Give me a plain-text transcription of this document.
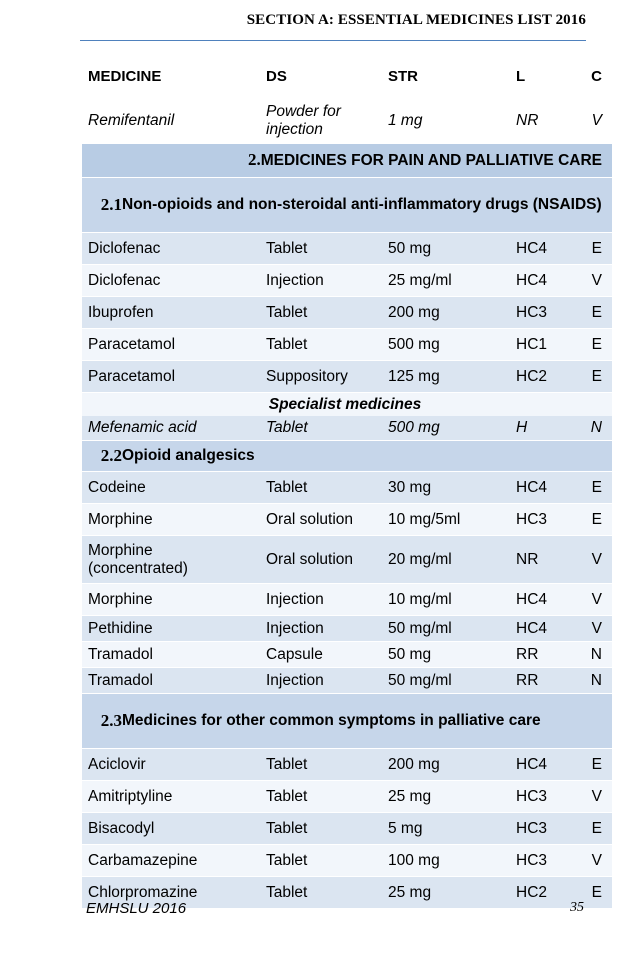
SECTION A: ESSENTIAL MEDICINES LIST 2016
MEDICINE	DS	STR	L	C
Remifentanil	Powder for injection	1 mg	NR	V
2.MEDICINES FOR PAIN AND PALLIATIVE CARE				

2.1 Non-opioids and non-steroidal anti-inflammatory drugs (NSAIDS)				

Diclofenac	Tablet	50 mg	HC4	E
Diclofenac	Injection	25 mg/ml	HC4	V
Ibuprofen	Tablet	200 mg	HC3	E
Paracetamol	Tablet	500 mg	HC1	E
Paracetamol	Suppository	125 mg	HC2	E
Specialist medicines				
Mefenamic acid	Tablet	500 mg	H	N

2.2 Opioid analgesics				

Codeine	Tablet	30 mg	HC4	E
Morphine	Oral solution	10 mg/5ml	HC3	E
Morphine (concentrated)	Oral solution	20 mg/ml	NR	V
Morphine	Injection	10 mg/ml	HC4	V
Pethidine	Injection	50 mg/ml	HC4	V
Tramadol	Capsule	50 mg	RR	N
Tramadol	Injection	50 mg/ml	RR	N

2.3 Medicines for other common symptoms in palliative care				

Aciclovir	Tablet	200 mg	HC4	E
Amitriptyline	Tablet	25 mg	HC3	V
Bisacodyl	Tablet	5 mg	HC3	E
Carbamazepine	Tablet	100 mg	HC3	V
Chlorpromazine	Tablet	25 mg	HC2	E
EMHSLU 2016	35
